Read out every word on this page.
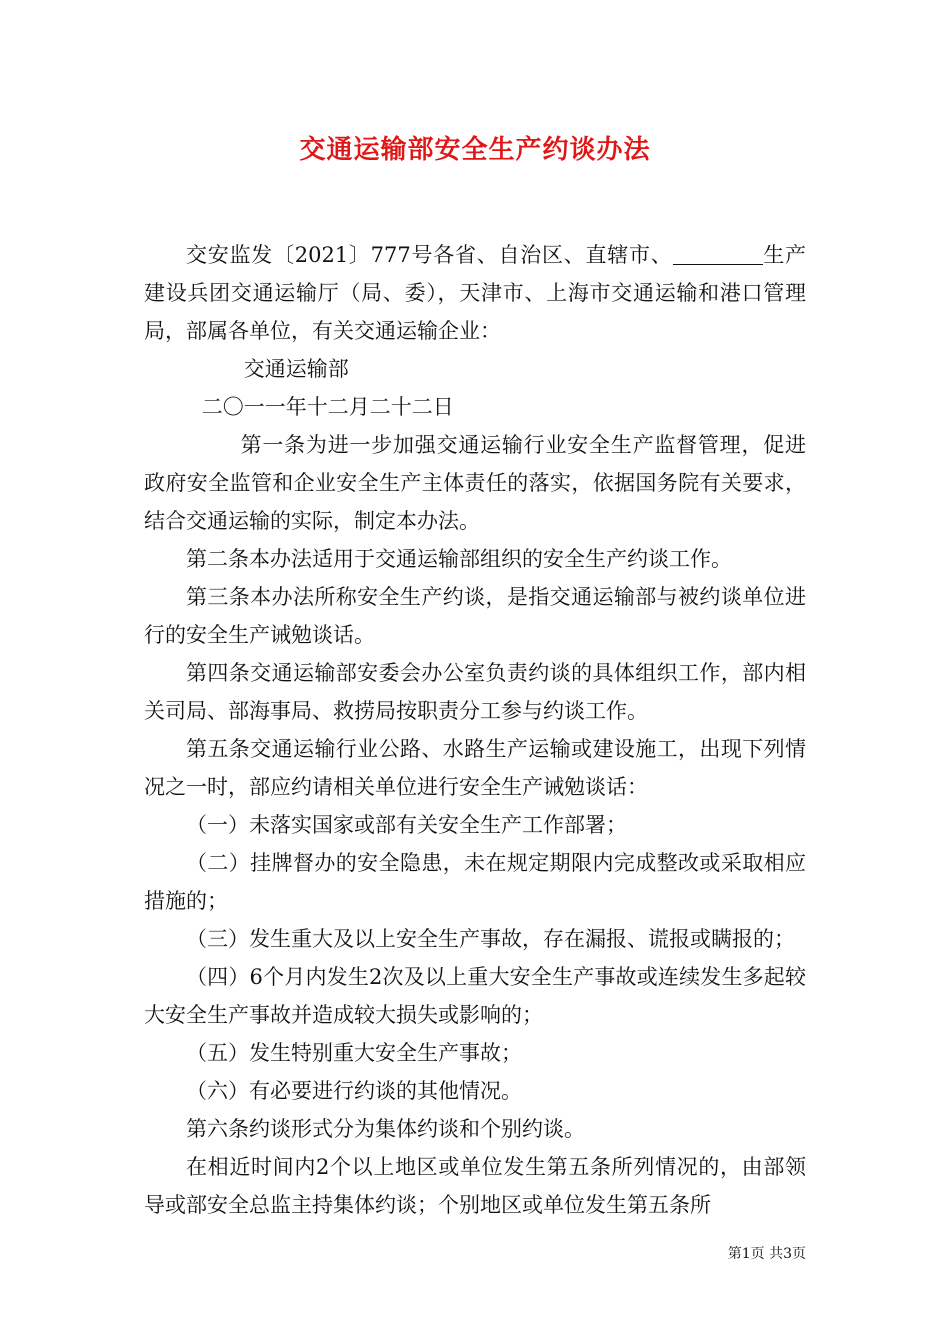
交通运输部安全生产约谈办法

交安监发〔2021〕777号各省、自治区、直辖市、	生产建设兵团交通运输厅（局、委），天津市、上海市交通运输和港口管理局，部属各单位，有关交通运输企业：

交通运输部

二〇一一年十二月二十二日

第一条为进一步加强交通运输行业安全生产监督管理，促进政府安全监管和企业安全生产主体责任的落实，依据国务院有关要求，结合交通运输的实际，制定本办法。

第二条本办法适用于交通运输部组织的安全生产约谈工作。

第三条本办法所称安全生产约谈，是指交通运输部与被约谈单位进行的安全生产诫勉谈话。

第四条交通运输部安委会办公室负责约谈的具体组织工作，部内相关司局、部海事局、救捞局按职责分工参与约谈工作。

第五条交通运输行业公路、水路生产运输或建设施工，出现下列情况之一时，部应约请相关单位进行安全生产诫勉谈话：

（一）未落实国家或部有关安全生产工作部署；

（二）挂牌督办的安全隐患，未在规定期限内完成整改或采取相应措施的；

（三）发生重大及以上安全生产事故，存在漏报、谎报或瞒报的；

（四）6个月内发生2次及以上重大安全生产事故或连续发生多起较大安全生产事故并造成较大损失或影响的；

（五）发生特别重大安全生产事故；

（六）有必要进行约谈的其他情况。

第六条约谈形式分为集体约谈和个别约谈。

在相近时间内2个以上地区或单位发生第五条所列情况的，由部领导或部安全总监主持集体约谈；个别地区或单位发生第五条所

第1页 共3页
